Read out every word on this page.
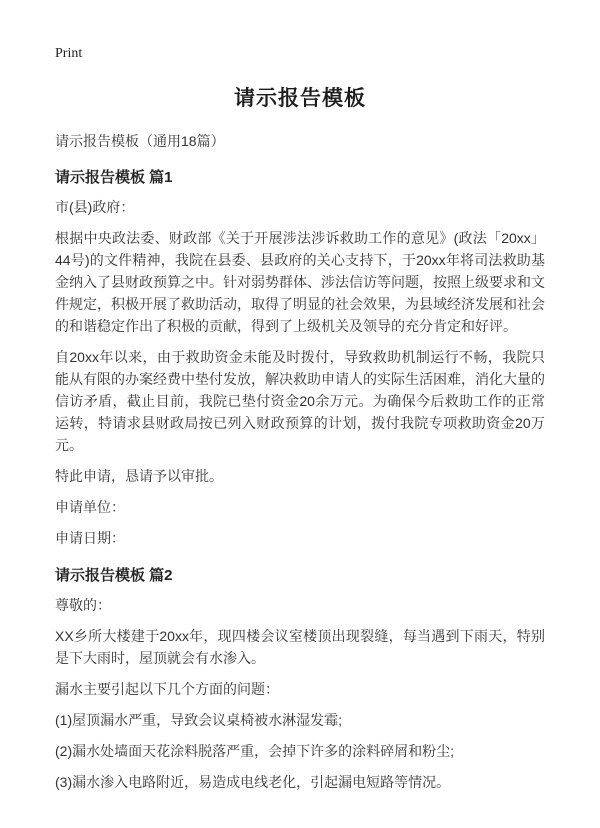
Print
请示报告模板

请示报告模板（通用18篇）

请示报告模板 篇1

市(县)政府：

根据中央政法委、财政部《关于开展涉法涉诉救助工作的意见》(政法「20xx」44号)的文件精神，我院在县委、县政府的关心支持下，于20xx年将司法救助基金纳入了县财政预算之中。针对弱势群体、涉法信访等问题，按照上级要求和文件规定，积极开展了救助活动，取得了明显的社会效果，为县域经济发展和社会的和谐稳定作出了积极的贡献，得到了上级机关及领导的充分肯定和好评。

自20xx年以来，由于救助资金未能及时拨付，导致救助机制运行不畅，我院只能从有限的办案经费中垫付发放，解决救助申请人的实际生活困难，消化大量的信访矛盾，截止目前，我院已垫付资金20余万元。为确保今后救助工作的正常运转，特请求县财政局按已列入财政预算的计划，拨付我院专项救助资金20万元。

特此申请，恳请予以审批。

申请单位：

申请日期：

请示报告模板 篇2

尊敬的：

XX乡所大楼建于20xx年，现四楼会议室楼顶出现裂缝，每当遇到下雨天，特别是下大雨时，屋顶就会有水渗入。

漏水主要引起以下几个方面的问题：

(1)屋顶漏水严重，导致会议桌椅被水淋湿发霉;

(2)漏水处墙面天花涂料脱落严重，会掉下许多的涂料碎屑和粉尘;

(3)漏水渗入电路附近，易造成电线老化，引起漏电短路等情况。
